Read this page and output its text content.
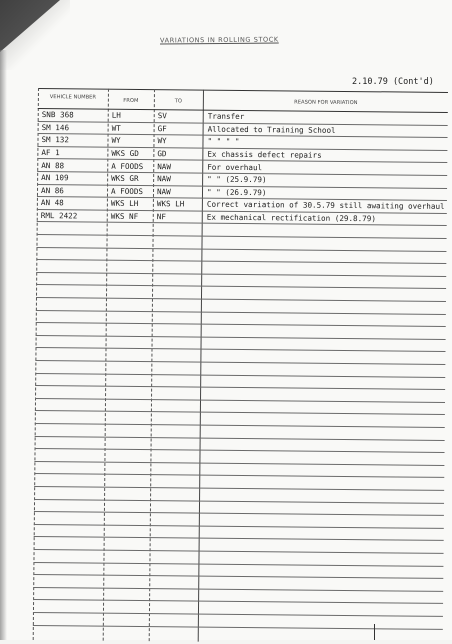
VARIATIONS IN ROLLING STOCK
2.10.79 (Cont'd)
VEHICLE NUMBER
FROM	TO	REASON FOR VARIATION
SNB 368	LH	SV	Transfer
SM 146	WT	GF	Allocated to Training School
SM 132	WY	WY	" " " "
AF 1	WKS GD	GD	Ex chassis defect repairs
AN 88	A FOODS	NAW	For overhaul
AN 109	WKS GR	NAW	" " (25.9.79)
AN 86	A FOODS	NAW	" " (26.9.79)
AN 48	WKS LH	WKS LH	Correct variation of 30.5.79 still awaiting overhaul
RML 2422	WKS NF	NF	Ex mechanical rectification (29.8.79)
